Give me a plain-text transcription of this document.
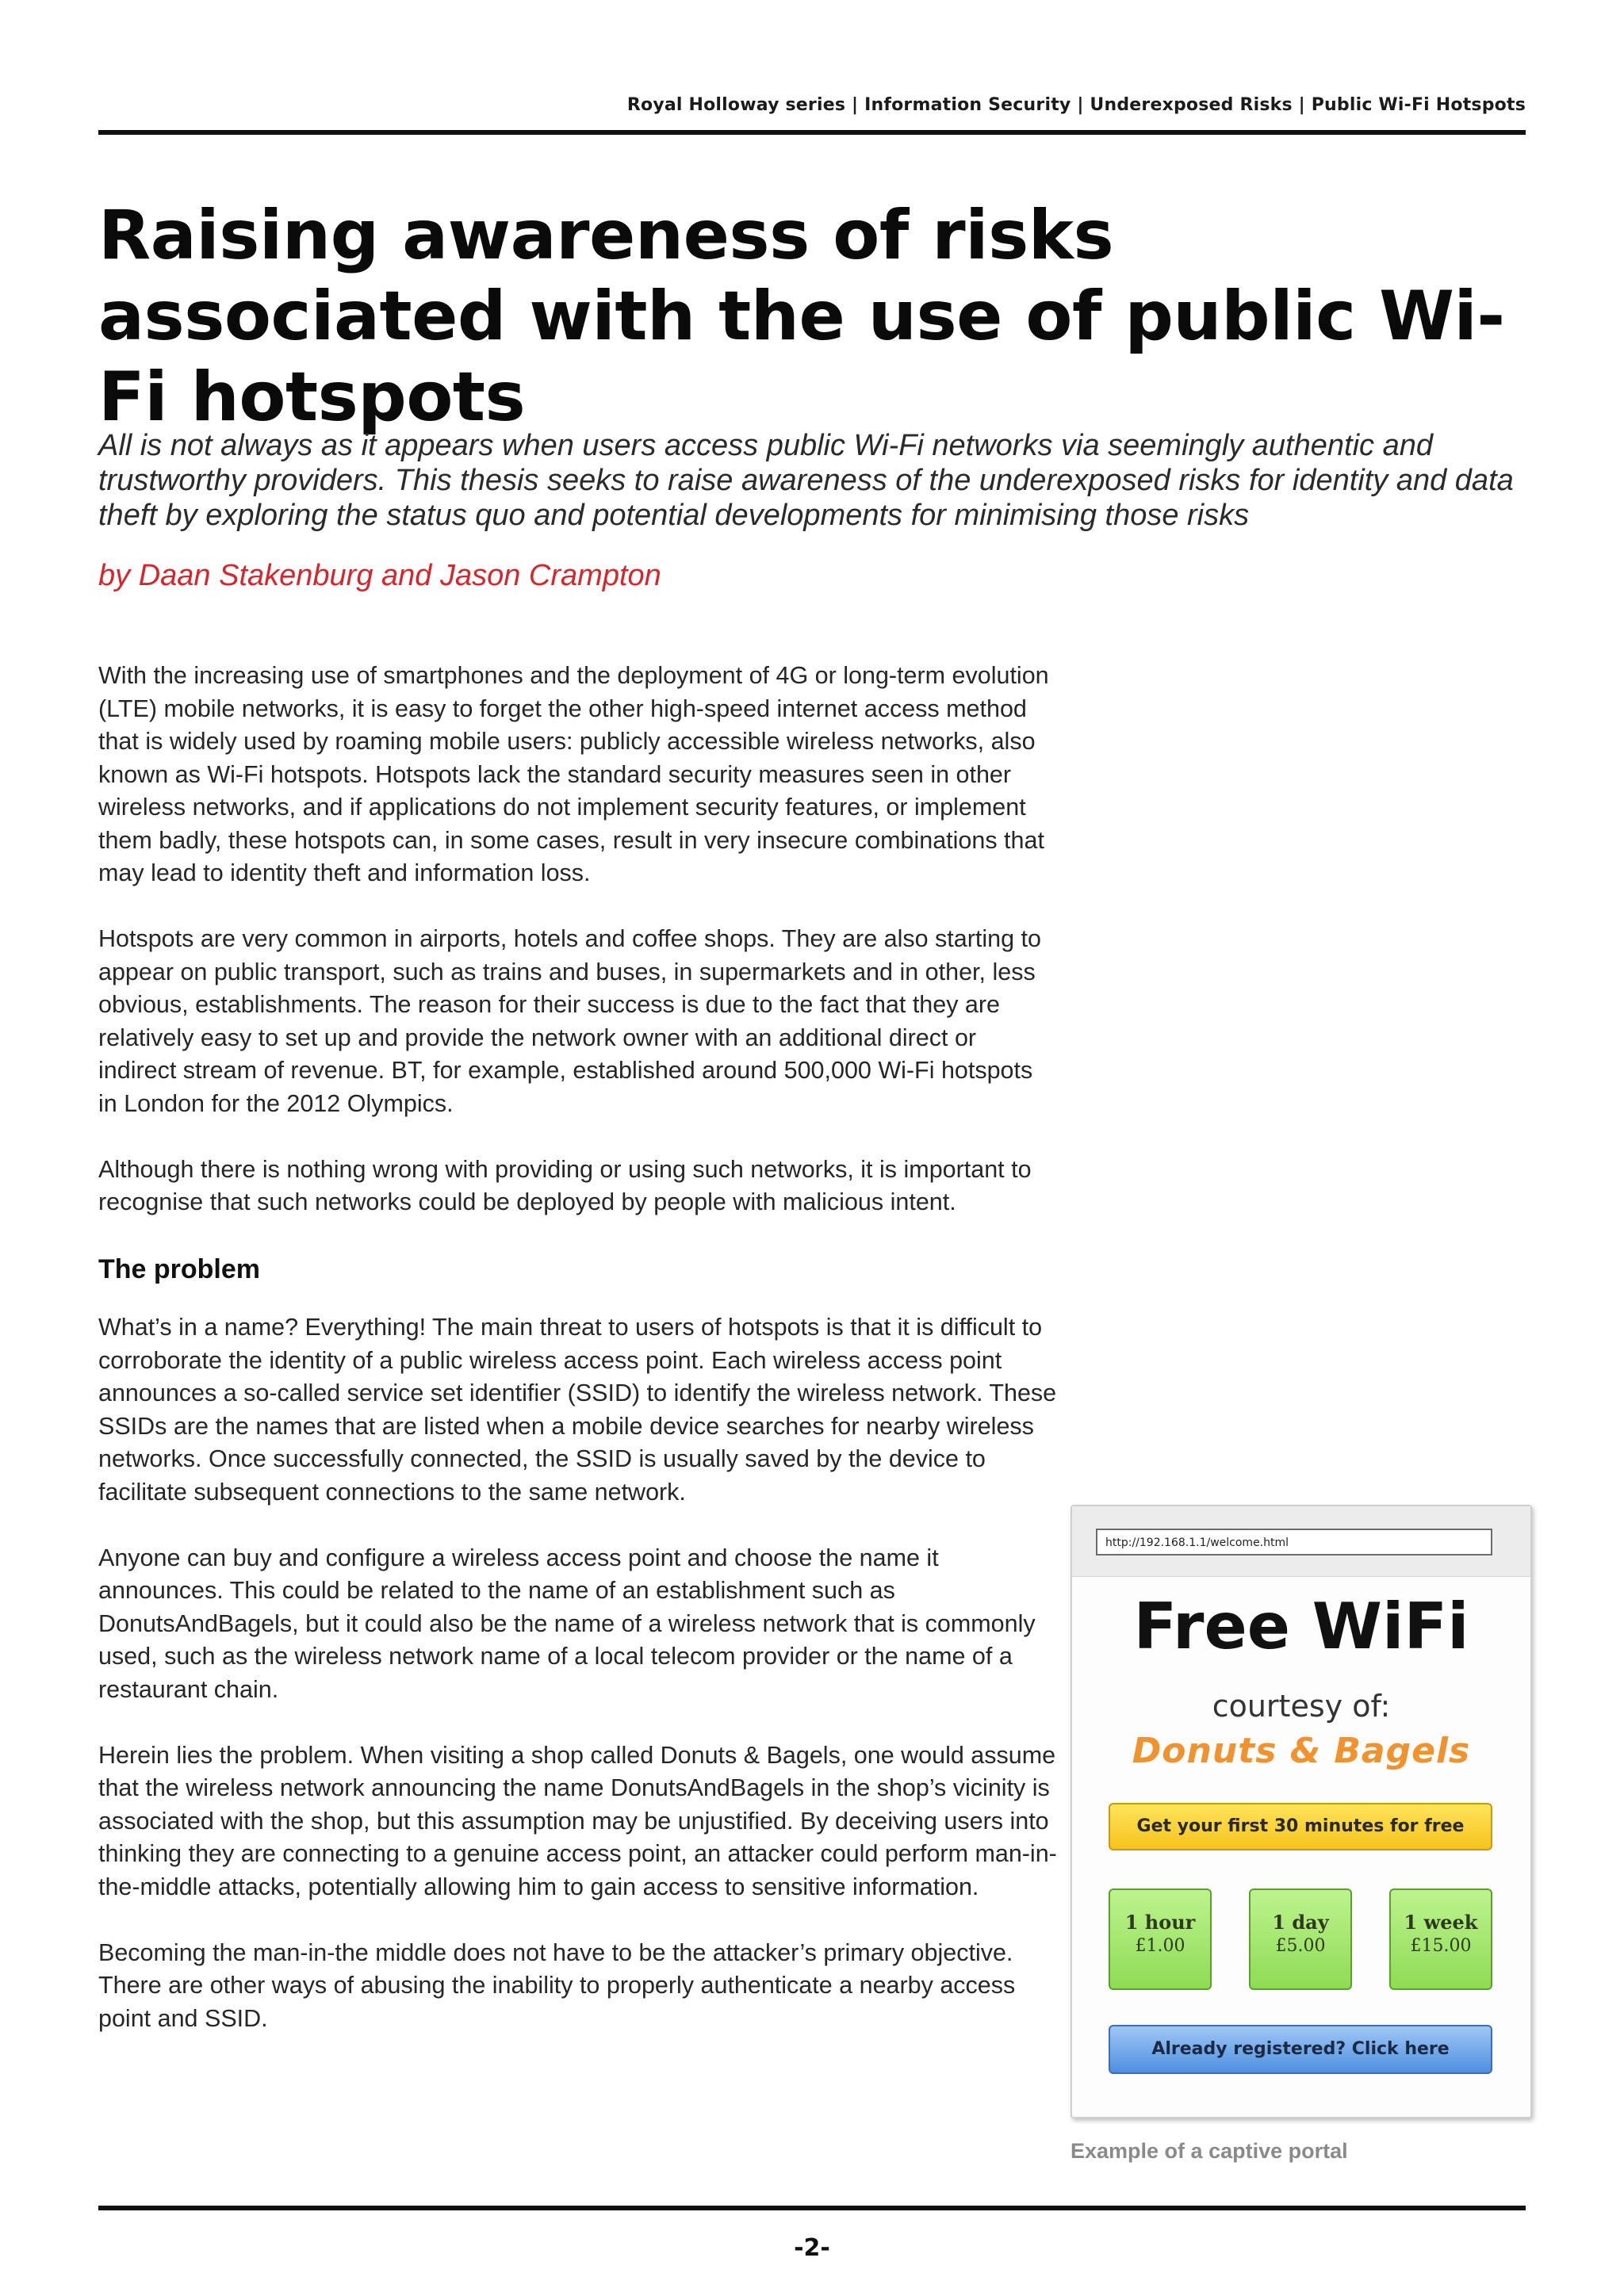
Royal Holloway series | Information Security | Underexposed Risks | Public Wi-Fi Hotspots
Raising awareness of risks associated with the use of public Wi-Fi hotspots

All is not always as it appears when users access public Wi-Fi networks via seemingly authentic and trustworthy providers. This thesis seeks to raise awareness of the underexposed risks for identity and data theft by exploring the status quo and potential developments for minimising those risks

by Daan Stakenburg and Jason Crampton

With the increasing use of smartphones and the deployment of 4G or long-term evolution (LTE) mobile networks, it is easy to forget the other high-speed internet access method that is widely used by roaming mobile users: publicly accessible wireless networks, also known as Wi-Fi hotspots. Hotspots lack the standard security measures seen in other wireless networks, and if applications do not implement security features, or implement them badly, these hotspots can, in some cases, result in very insecure combinations that may lead to identity theft and information loss.

Hotspots are very common in airports, hotels and coffee shops. They are also starting to appear on public transport, such as trains and buses, in supermarkets and in other, less obvious, establishments. The reason for their success is due to the fact that they are relatively easy to set up and provide the network owner with an additional direct or indirect stream of revenue. BT, for example, established around 500,000 Wi-Fi hotspots in London for the 2012 Olympics.

Although there is nothing wrong with providing or using such networks, it is important to recognise that such networks could be deployed by people with malicious intent.

The problem

What’s in a name? Everything! The main threat to users of hotspots is that it is difficult to corroborate the identity of a public wireless access point. Each wireless access point announces a so-called service set identifier (SSID) to identify the wireless network. These SSIDs are the names that are listed when a mobile device searches for nearby wireless networks. Once successfully connected, the SSID is usually saved by the device to facilitate subsequent connections to the same network.

Anyone can buy and configure a wireless access point and choose the name it announces. This could be related to the name of an establishment such as DonutsAndBagels, but it could also be the name of a wireless network that is commonly used, such as the wireless network name of a local telecom provider or the name of a restaurant chain.

Herein lies the problem. When visiting a shop called Donuts & Bagels, one would assume that the wireless network announcing the name DonutsAndBagels in the shop’s vicinity is associated with the shop, but this assumption may be unjustified. By deceiving users into thinking they are connecting to a genuine access point, an attacker could perform man-in-the-middle attacks, potentially allowing him to gain access to sensitive information.

Becoming the man-in-the middle does not have to be the attacker’s primary objective. There are other ways of abusing the inability to properly authenticate a nearby access point and SSID.

http://192.168.1.1/welcome.html
Free WiFi
courtesy of:
Donuts & Bagels
Get your first 30 minutes for free
1 hour
£1.00
1 day
£5.00
1 week
£15.00
Already registered? Click here
Example of a captive portal
-2-
